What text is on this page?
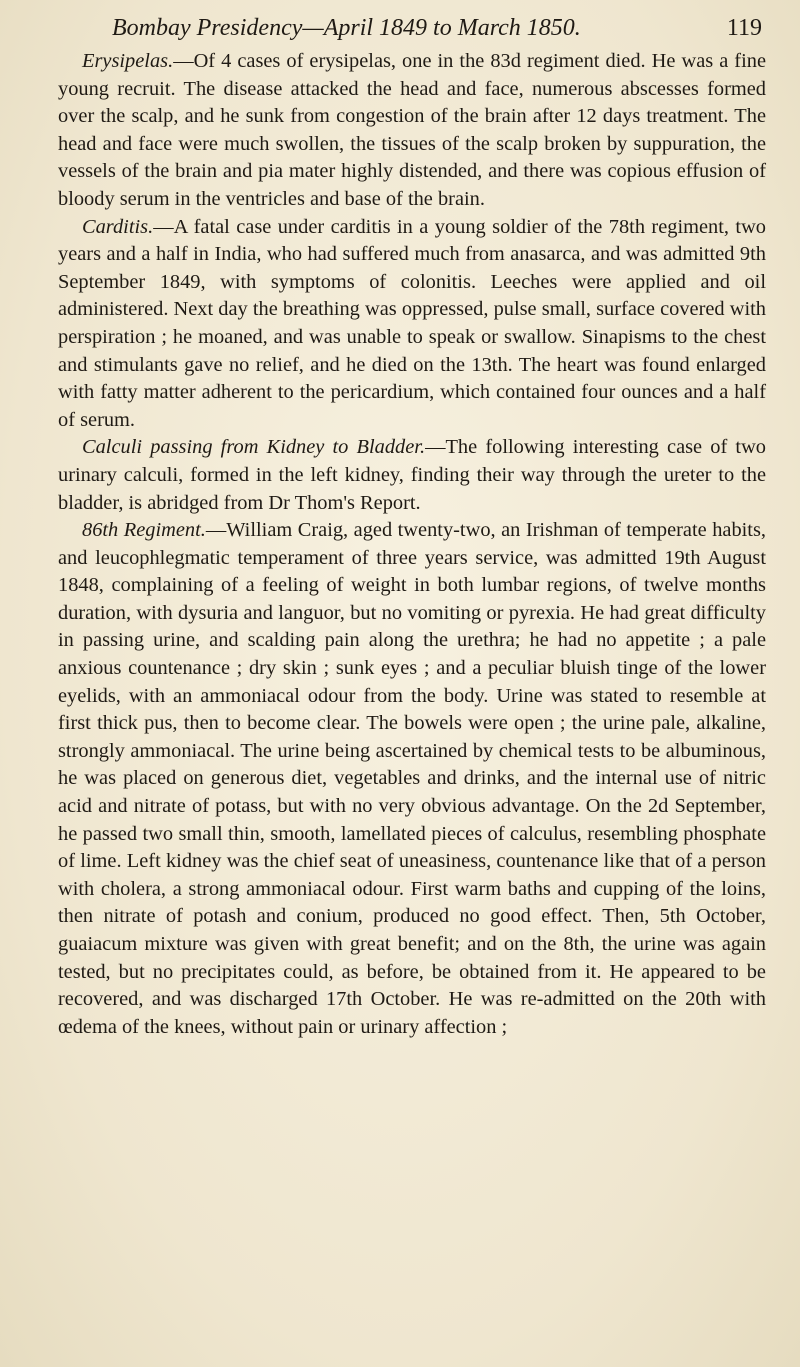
Bombay Presidency—April 1849 to March 1850.	119

Erysipelas.—Of 4 cases of erysipelas, one in the 83d regiment died. He was a fine young recruit. The disease attacked the head and face, numerous abscesses formed over the scalp, and he sunk from congestion of the brain after 12 days treatment. The head and face were much swollen, the tissues of the scalp broken by suppuration, the vessels of the brain and pia mater highly distended, and there was copious effusion of bloody serum in the ventricles and base of the brain.

Carditis.—A fatal case under carditis in a young soldier of the 78th regiment, two years and a half in India, who had suffered much from anasarca, and was admitted 9th September 1849, with symptoms of colonitis. Leeches were applied and oil administered. Next day the breathing was oppressed, pulse small, surface covered with perspiration ; he moaned, and was unable to speak or swallow. Sinapisms to the chest and stimulants gave no relief, and he died on the 13th. The heart was found enlarged with fatty matter adherent to the pericardium, which contained four ounces and a half of serum.

Calculi passing from Kidney to Bladder.—The following interesting case of two urinary calculi, formed in the left kidney, finding their way through the ureter to the bladder, is abridged from Dr Thom's Report.

86th Regiment.—William Craig, aged twenty-two, an Irishman of temperate habits, and leucophlegmatic temperament of three years service, was admitted 19th August 1848, complaining of a feeling of weight in both lumbar regions, of twelve months duration, with dysuria and languor, but no vomiting or pyrexia. He had great difficulty in passing urine, and scalding pain along the urethra; he had no appetite ; a pale anxious countenance ; dry skin ; sunk eyes ; and a peculiar bluish tinge of the lower eyelids, with an ammoniacal odour from the body. Urine was stated to resemble at first thick pus, then to become clear. The bowels were open ; the urine pale, alkaline, strongly ammoniacal. The urine being ascertained by chemical tests to be albuminous, he was placed on generous diet, vegetables and drinks, and the internal use of nitric acid and nitrate of potass, but with no very obvious advantage. On the 2d September, he passed two small thin, smooth, lamellated pieces of calculus, resembling phosphate of lime. Left kidney was the chief seat of uneasiness, countenance like that of a person with cholera, a strong ammoniacal odour. First warm baths and cupping of the loins, then nitrate of potash and conium, produced no good effect. Then, 5th October, guaiacum mixture was given with great benefit; and on the 8th, the urine was again tested, but no precipitates could, as before, be obtained from it. He appeared to be recovered, and was discharged 17th October. He was re-admitted on the 20th with œdema of the knees, without pain or urinary affection ;
